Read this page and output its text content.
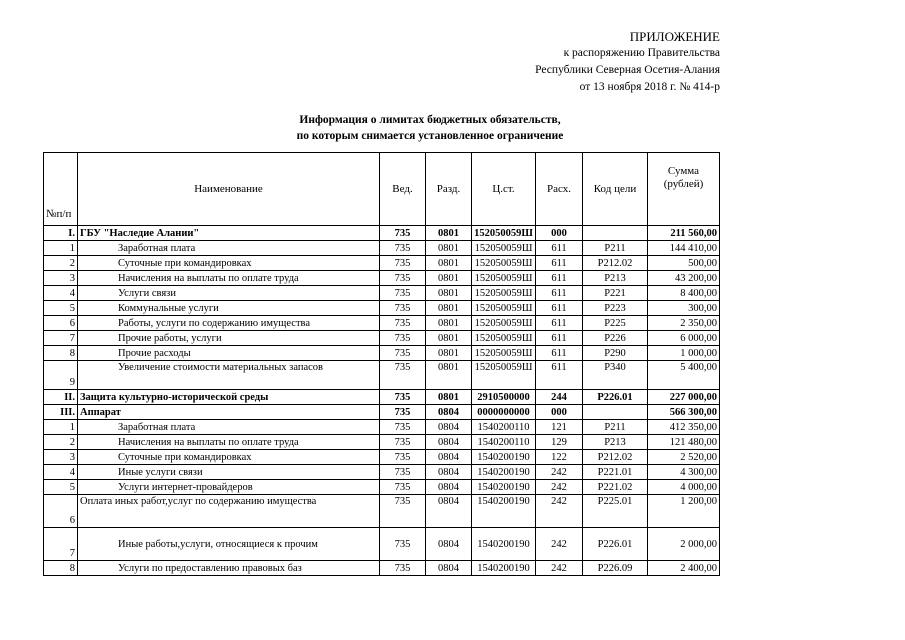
ПРИЛОЖЕНИЕ
к распоряжению Правительства
Республики Северная Осетия-Алания
от 13 ноября 2018 г. № 414-р
Информация о лимитах бюджетных обязательств,
по которым снимается установленное ограничение
№п/п	Наименование	Вед.	Разд.	Ц.ст.	Расх.	Код цели	Сумма (рублей)
I.	ГБУ "Наследие Алании"	735	0801	152050059Ш	000		211 560,00
1	Заработная плата	735	0801	152050059Ш	611	Р211	144 410,00
2	Суточные при командировках	735	0801	152050059Ш	611	Р212.02	500,00
3	Начисления на выплаты по оплате труда	735	0801	152050059Ш	611	Р213	43 200,00
4	Услуги связи	735	0801	152050059Ш	611	Р221	8 400,00
5	Коммунальные услуги	735	0801	152050059Ш	611	Р223	300,00
6	Работы, услуги по содержанию имущества	735	0801	152050059Ш	611	Р225	2 350,00
7	Прочие работы, услуги	735	0801	152050059Ш	611	Р226	6 000,00
8	Прочие расходы	735	0801	152050059Ш	611	Р290	1 000,00
9	Увеличение стоимости материальных запасов	735	0801	152050059Ш	611	Р340	5 400,00
II.	Защита культурно-исторической среды	735	0801	2910500000	244	Р226.01	227 000,00
III.	Аппарат	735	0804	0000000000	000		566 300,00
1	Заработная плата	735	0804	1540200110	121	Р211	412 350,00
2	Начисления на выплаты по оплате труда	735	0804	1540200110	129	Р213	121 480,00
3	Суточные при командировках	735	0804	1540200190	122	Р212.02	2 520,00
4	Иные услуги связи	735	0804	1540200190	242	Р221.01	4 300,00
5	Услуги интернет-провайдеров	735	0804	1540200190	242	Р221.02	4 000,00
6	Оплата иных работ,услуг по содержанию имущества	735	0804	1540200190	242	Р225.01	1 200,00
7	Иные работы,услуги, относящиеся к прочим	735	0804	1540200190	242	Р226.01	2 000,00
8	Услуги по предоставлению правовых баз	735	0804	1540200190	242	Р226.09	2 400,00
